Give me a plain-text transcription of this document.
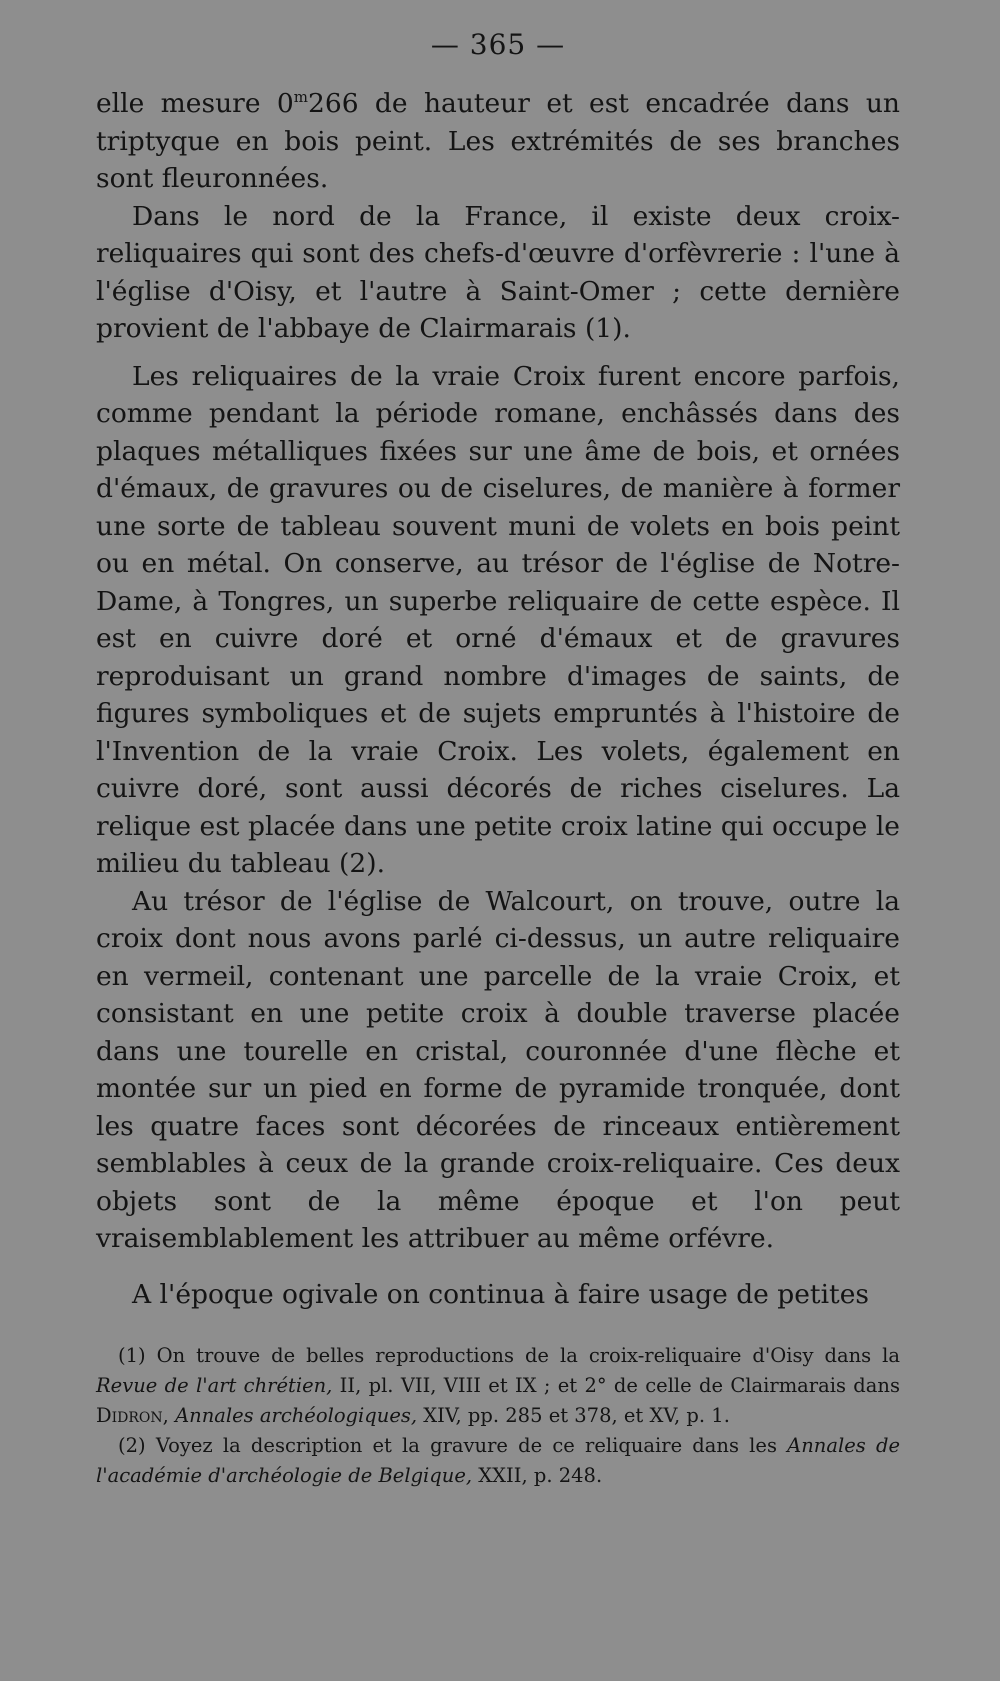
— 365 —

elle mesure 0$^m$266 de hauteur et est encadrée dans un triptyque en bois peint. Les extrémités de ses branches sont fleuronnées.

Dans le nord de la France, il existe deux croix-reliquaires qui sont des chefs-d'œuvre d'orfèvrerie : l'une à l'église d'Oisy, et l'autre à Saint-Omer ; cette dernière provient de l'abbaye de Clairmarais (1).

Les reliquaires de la vraie Croix furent encore parfois, comme pendant la période romane, enchâssés dans des plaques métalliques fixées sur une âme de bois, et ornées d'émaux, de gravures ou de ciselures, de manière à former une sorte de tableau souvent muni de volets en bois peint ou en métal. On conserve, au trésor de l'église de Notre-Dame, à Tongres, un superbe reliquaire de cette espèce. Il est en cuivre doré et orné d'émaux et de gravures reproduisant un grand nombre d'images de saints, de figures symboliques et de sujets empruntés à l'histoire de l'Invention de la vraie Croix. Les volets, également en cuivre doré, sont aussi décorés de riches ciselures. La relique est placée dans une petite croix latine qui occupe le milieu du tableau (2).

Au trésor de l'église de Walcourt, on trouve, outre la croix dont nous avons parlé ci-dessus, un autre reliquaire en vermeil, contenant une parcelle de la vraie Croix, et consistant en une petite croix à double traverse placée dans une tourelle en cristal, couronnée d'une flèche et montée sur un pied en forme de pyramide tronquée, dont les quatre faces sont décorées de rinceaux entièrement semblables à ceux de la grande croix-reliquaire. Ces deux objets sont de la même époque et l'on peut vraisemblablement les attribuer au même orfévre.

A l'époque ogivale on continua à faire usage de petites

(1) On trouve de belles reproductions de la croix-reliquaire d'Oisy dans la Revue de l'art chrétien, II, pl. VII, VIII et IX ; et 2° de celle de Clairmarais dans Didron, Annales archéologiques, XIV, pp. 285 et 378, et XV, p. 1.

(2) Voyez la description et la gravure de ce reliquaire dans les Annales de l'académie d'archéologie de Belgique, XXII, p. 248.
